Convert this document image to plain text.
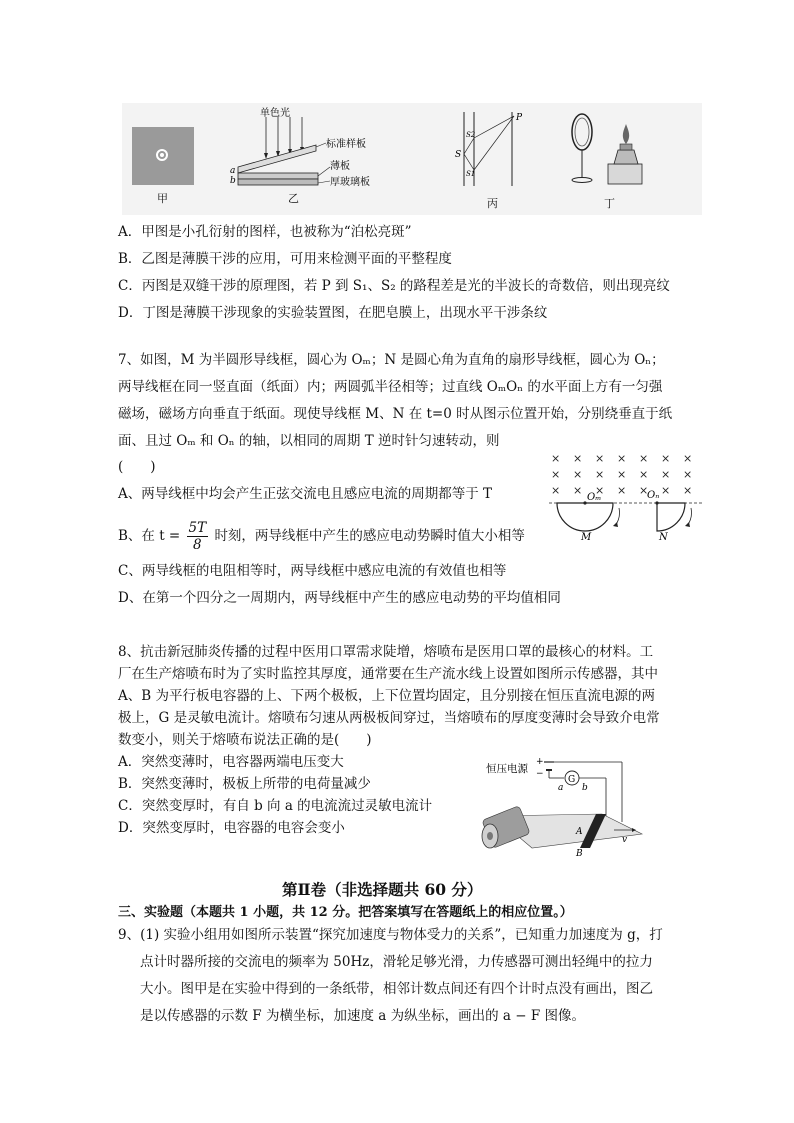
甲
单色光
标准样板
薄板
厚玻璃板
a
b
乙
P
S
S2
S1
丙	丁
A．甲图是小孔衍射的图样，也被称为“泊松亮斑”
B．乙图是薄膜干涉的应用，可用来检测平面的平整程度
C．丙图是双缝干涉的原理图，若 P 到 S₁、S₂ 的路程差是光的半波长的奇数倍，则出现亮纹
D．丁图是薄膜干涉现象的实验装置图，在肥皂膜上，出现水平干涉条纹
7、如图，M 为半圆形导线框，圆心为 Oₘ；N 是圆心角为直角的扇形导线框，圆心为 Oₙ；
两导线框在同一竖直面（纸面）内；两圆弧半径相等；过直线 OₘOₙ 的水平面上方有一匀强
磁场，磁场方向垂直于纸面。现使导线框 M、N 在 t=0 时从图示位置开始，分别绕垂直于纸
面、且过 Oₘ 和 Oₙ 的轴，以相同的周期 T 逆时针匀速转动，则
(　　)
A、两导线框中均会产生正弦交流电且感应电流的周期都等于 T
B、在 $t = \frac{5T}{8}$ 时刻，两导线框中产生的感应电动势瞬时值大小相等
C、两导线框的电阻相等时，两导线框中感应电流的有效值也相等
D、在第一个四分之一周期内，两导线框中产生的感应电动势的平均值相同
× × × × × × ×
× × × × × × ×
× × × × × × ×
Oₘ	Oₙ
M	N
8、抗击新冠肺炎传播的过程中医用口罩需求陡增，熔喷布是医用口罩的最核心的材料。工
厂在生产熔喷布时为了实时监控其厚度，通常要在生产流水线上设置如图所示传感器，其中
A、B 为平行板电容器的上、下两个极板，上下位置均固定，且分别接在恒压直流电源的两
极上，G 是灵敏电流计。熔喷布匀速从两极板间穿过，当熔喷布的厚度变薄时会导致介电常
数变小，则关于熔喷布说法正确的是(　　)
A．突然变薄时，电容器两端电压变大
B．突然变薄时，极板上所带的电荷量减少
C．突然变厚时，有自 b 向 a 的电流流过灵敏电流计
D．突然变厚时，电容器的电容会变小
恒压电源
+
−
G
a b
A
B
v
第Ⅱ卷（非选择题共 60 分）
三、实验题（本题共 1 小题，共 12 分。把答案填写在答题纸上的相应位置。）
9、(1) 实验小组用如图所示装置“探究加速度与物体受力的关系”，已知重力加速度为 g，打
点计时器所接的交流电的频率为 50Hz，滑轮足够光滑，力传感器可测出轻绳中的拉力
大小。图甲是在实验中得到的一条纸带，相邻计数点间还有四个计时点没有画出，图乙
是以传感器的示数 F 为横坐标，加速度 a 为纵坐标，画出的 a − F 图像。
